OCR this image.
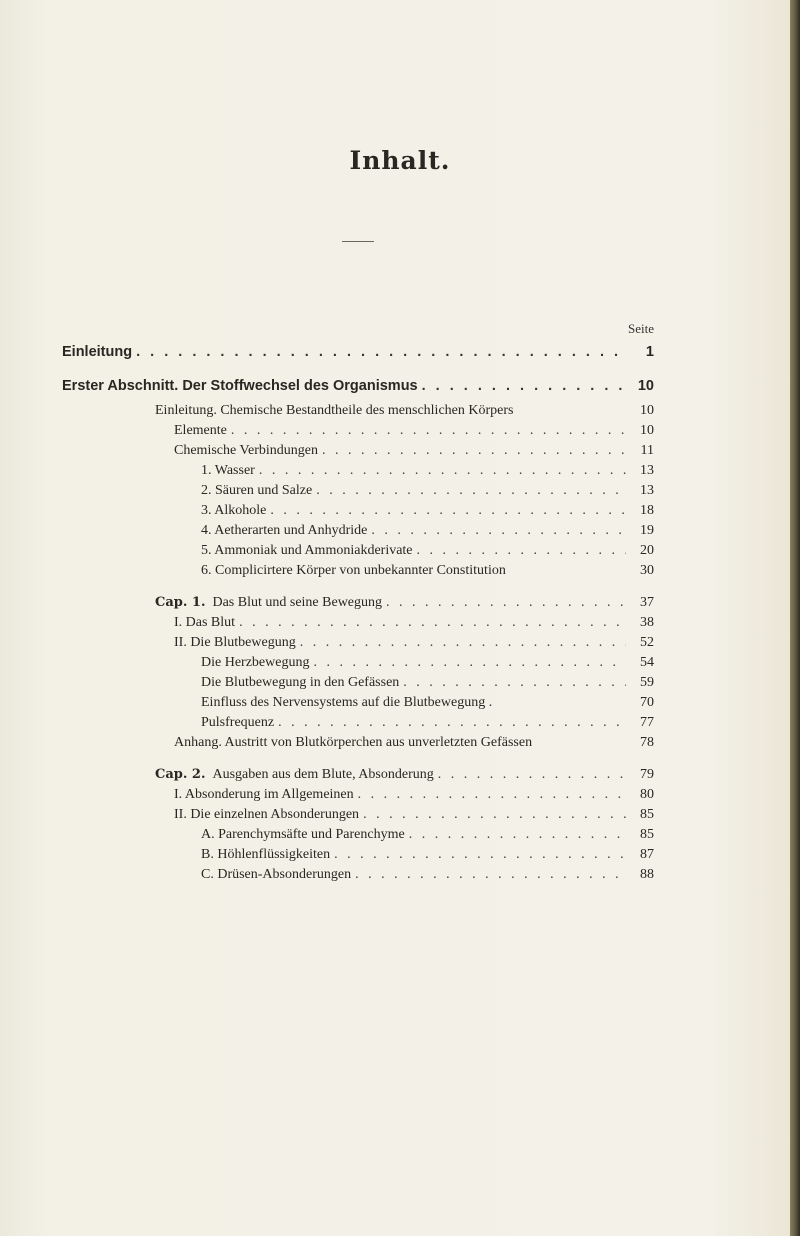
Inhalt.
Seite
Einleitung . . .	1
Erster Abschnitt. Der Stoffwechsel des Organismus . . .	10
Einleitung. Chemische Bestandtheile des menschlichen Körpers	10
Elemente . . .	10
Chemische Verbindungen . . .	11
1. Wasser . . .	13
2. Säuren und Salze . . .	13
3. Alkohole . . .	18
4. Aetherarten und Anhydride . . .	19
5. Ammoniak und Ammoniakderivate . . .	20
6. Complicirtere Körper von unbekannter Constitution	30
Cap. 1. Das Blut und seine Bewegung . . .	37
I. Das Blut . . .	38
II. Die Blutbewegung . . .	52
Die Herzbewegung . . .	54
Die Blutbewegung in den Gefässen . . .	59
Einfluss des Nervensystems auf die Blutbewegung .	70
Pulsfrequenz . . .	77
Anhang. Austritt von Blutkörperchen aus unverletzten Gefässen	78
Cap. 2. Ausgaben aus dem Blute, Absonderung . . .	79
I. Absonderung im Allgemeinen . . .	80
II. Die einzelnen Absonderungen . . .	85
A. Parenchymsäfte und Parenchyme . . .	85
B. Höhlenflüssigkeiten . . .	87
C. Drüsen-Absonderungen . . .	88
